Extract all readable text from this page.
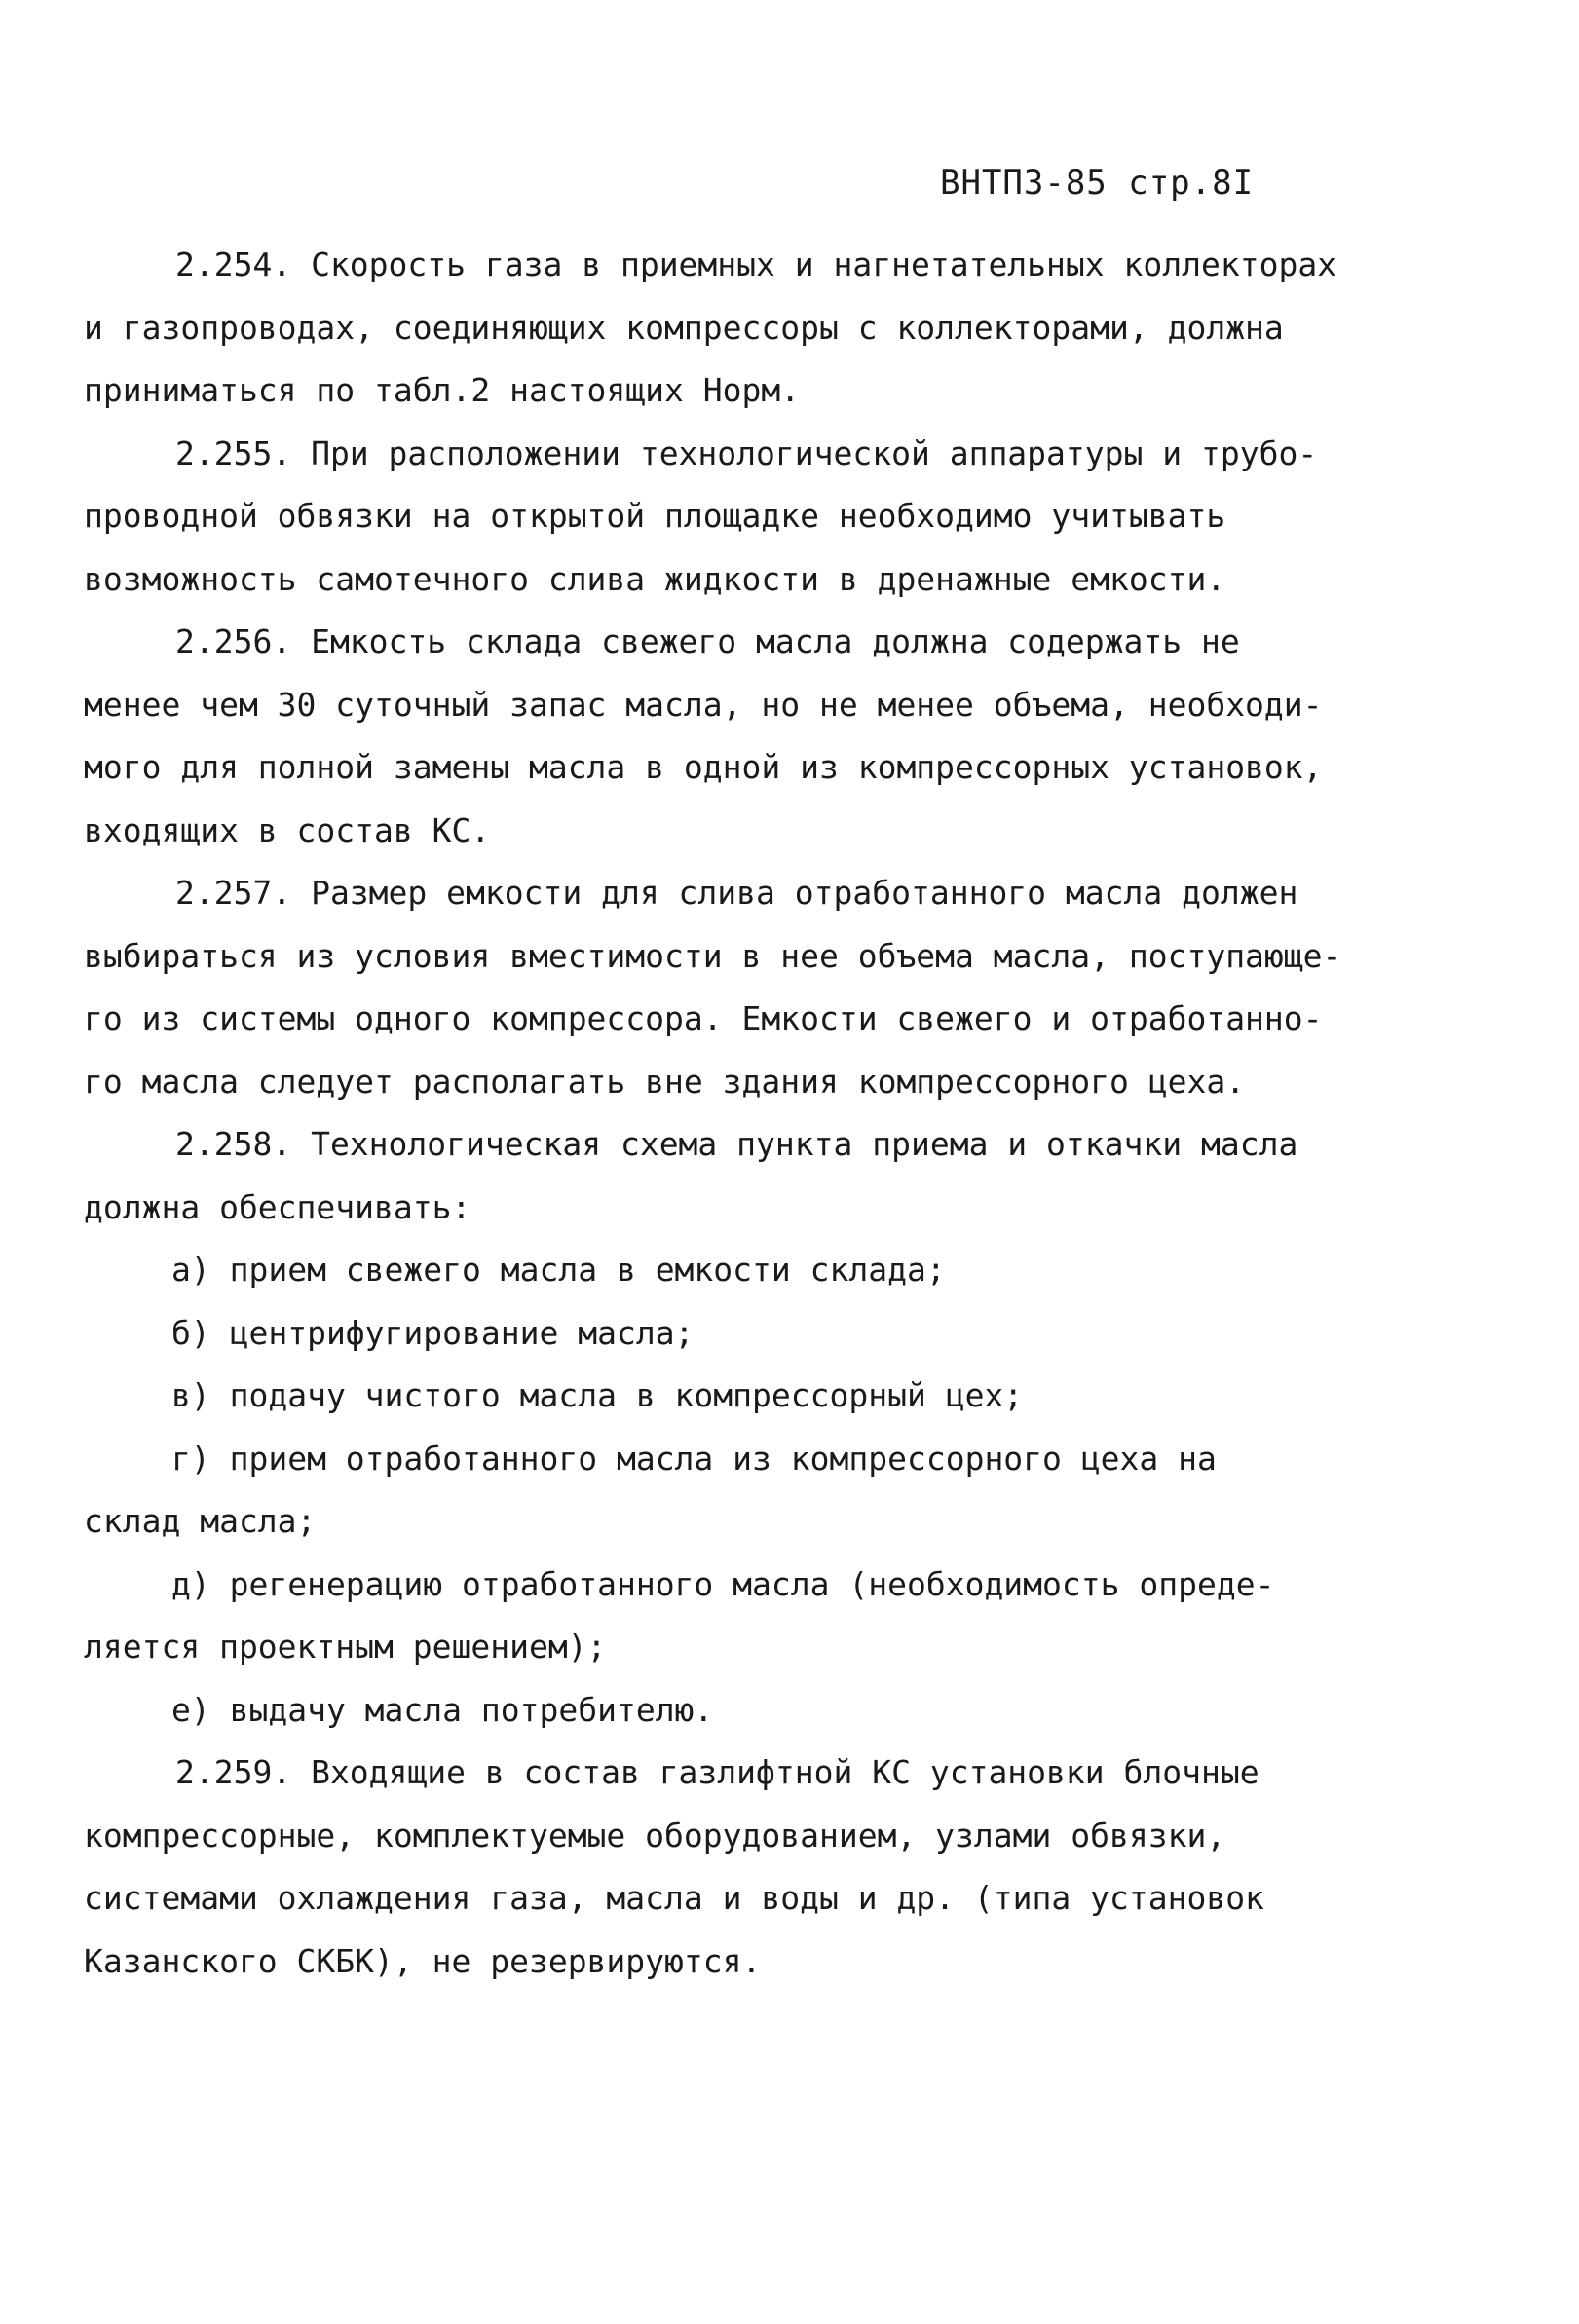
ВНТП3-85 стр.8I
2.254. Скорость газа в приемных и нагнетательных коллекторах
и газопроводах, соединяющих компрессоры с коллекторами, должна
приниматься по табл.2 настоящих Норм.
2.255. При расположении технологической аппаратуры и трубо-
проводной обвязки на открытой площадке необходимо учитывать
возможность самотечного слива жидкости в дренажные емкости.
2.256. Емкость склада свежего масла должна содержать не
менее чем 30 суточный запас масла, но не менее объема, необходи-
мого для полной замены масла в одной из компрессорных установок,
входящих в состав КС.
2.257. Размер емкости для слива отработанного масла должен
выбираться из условия вместимости в нее объема масла, поступающе-
го из системы одного компрессора. Емкости свежего и отработанно-
го масла следует располагать вне здания компрессорного цеха.
2.258. Технологическая схема пункта приема и откачки масла
должна обеспечивать:
а) прием свежего масла в емкости склада;
б) центрифугирование масла;
в) подачу чистого масла в компрессорный цех;
г) прием отработанного масла из компрессорного цеха на
склад масла;
д) регенерацию отработанного масла (необходимость опреде-
ляется проектным решением);
е) выдачу масла потребителю.
2.259. Входящие в состав газлифтной КС установки блочные
компрессорные, комплектуемые оборудованием, узлами обвязки,
системами охлаждения газа, масла и воды и др. (типа установок
Казанского СКБК), не резервируются.
